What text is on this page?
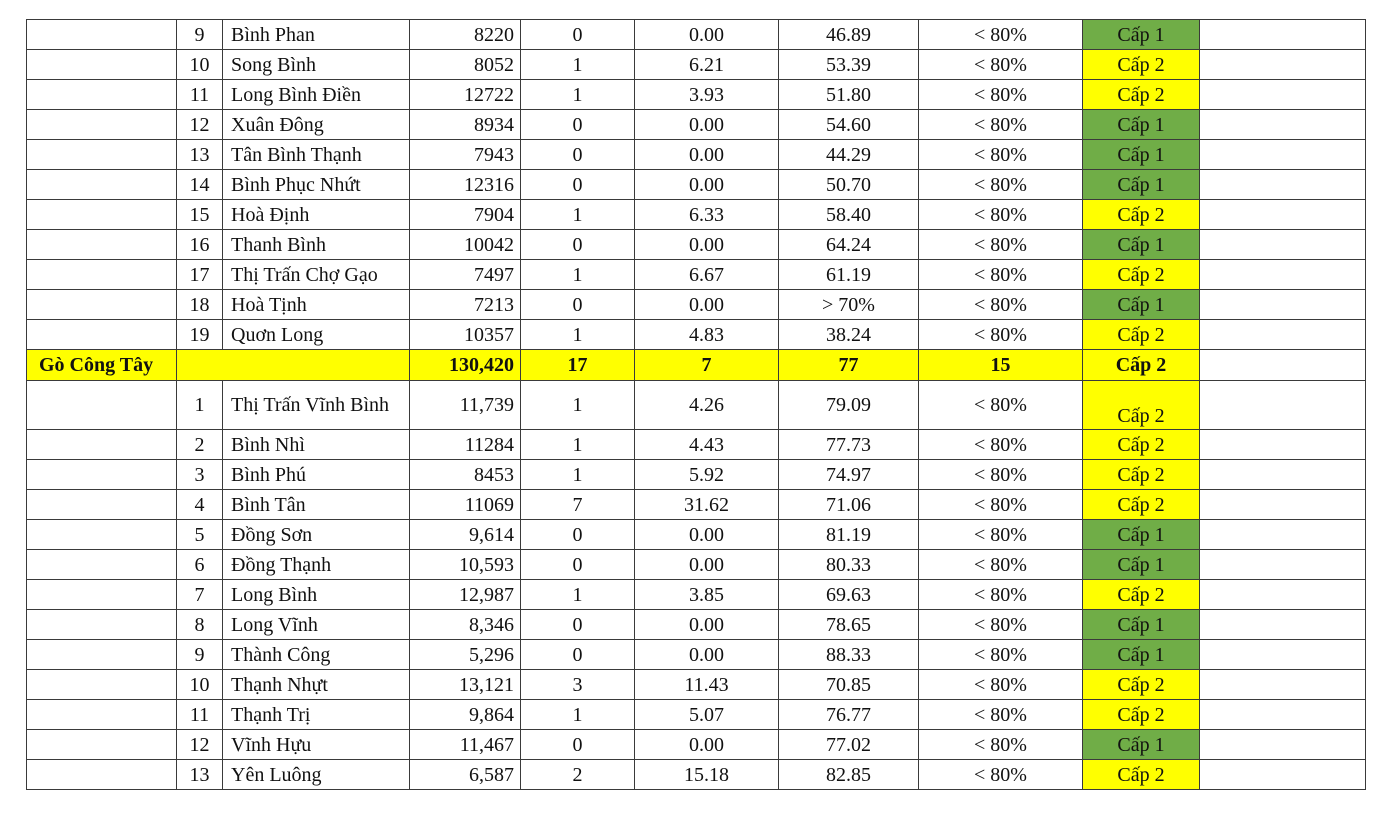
	9	Bình Phan	8220	0	0.00	46.89	< 80%	Cấp 1	
	10	Song Bình	8052	1	6.21	53.39	< 80%	Cấp 2	
	11	Long Bình Điền	12722	1	3.93	51.80	< 80%	Cấp 2	
	12	Xuân Đông	8934	0	0.00	54.60	< 80%	Cấp 1	
	13	Tân Bình Thạnh	7943	0	0.00	44.29	< 80%	Cấp 1	
	14	Bình Phục Nhứt	12316	0	0.00	50.70	< 80%	Cấp 1	
	15	Hoà Định	7904	1	6.33	58.40	< 80%	Cấp 2	
	16	Thanh Bình	10042	0	0.00	64.24	< 80%	Cấp 1	
	17	Thị Trấn Chợ Gạo	7497	1	6.67	61.19	< 80%	Cấp 2	
	18	Hoà Tịnh	7213	0	0.00	> 70%	< 80%	Cấp 1	
	19	Quơn Long	10357	1	4.83	38.24	< 80%	Cấp 2	
Gò Công Tây			130,420	17	7	77	15	Cấp 2	
	1	Thị Trấn Vĩnh Bình	11,739	1	4.26	79.09	< 80%	Cấp 2	
	2	Bình Nhì	11284	1	4.43	77.73	< 80%	Cấp 2	
	3	Bình Phú	8453	1	5.92	74.97	< 80%	Cấp 2	
	4	Bình Tân	11069	7	31.62	71.06	< 80%	Cấp 2	
	5	Đồng Sơn	9,614	0	0.00	81.19	< 80%	Cấp 1	
	6	Đồng Thạnh	10,593	0	0.00	80.33	< 80%	Cấp 1	
	7	Long Bình	12,987	1	3.85	69.63	< 80%	Cấp 2	
	8	Long Vĩnh	8,346	0	0.00	78.65	< 80%	Cấp 1	
	9	Thành Công	5,296	0	0.00	88.33	< 80%	Cấp 1	
	10	Thạnh Nhựt	13,121	3	11.43	70.85	< 80%	Cấp 2	
	11	Thạnh Trị	9,864	1	5.07	76.77	< 80%	Cấp 2	
	12	Vĩnh Hựu	11,467	0	0.00	77.02	< 80%	Cấp 1	
	13	Yên Luông	6,587	2	15.18	82.85	< 80%	Cấp 2	
